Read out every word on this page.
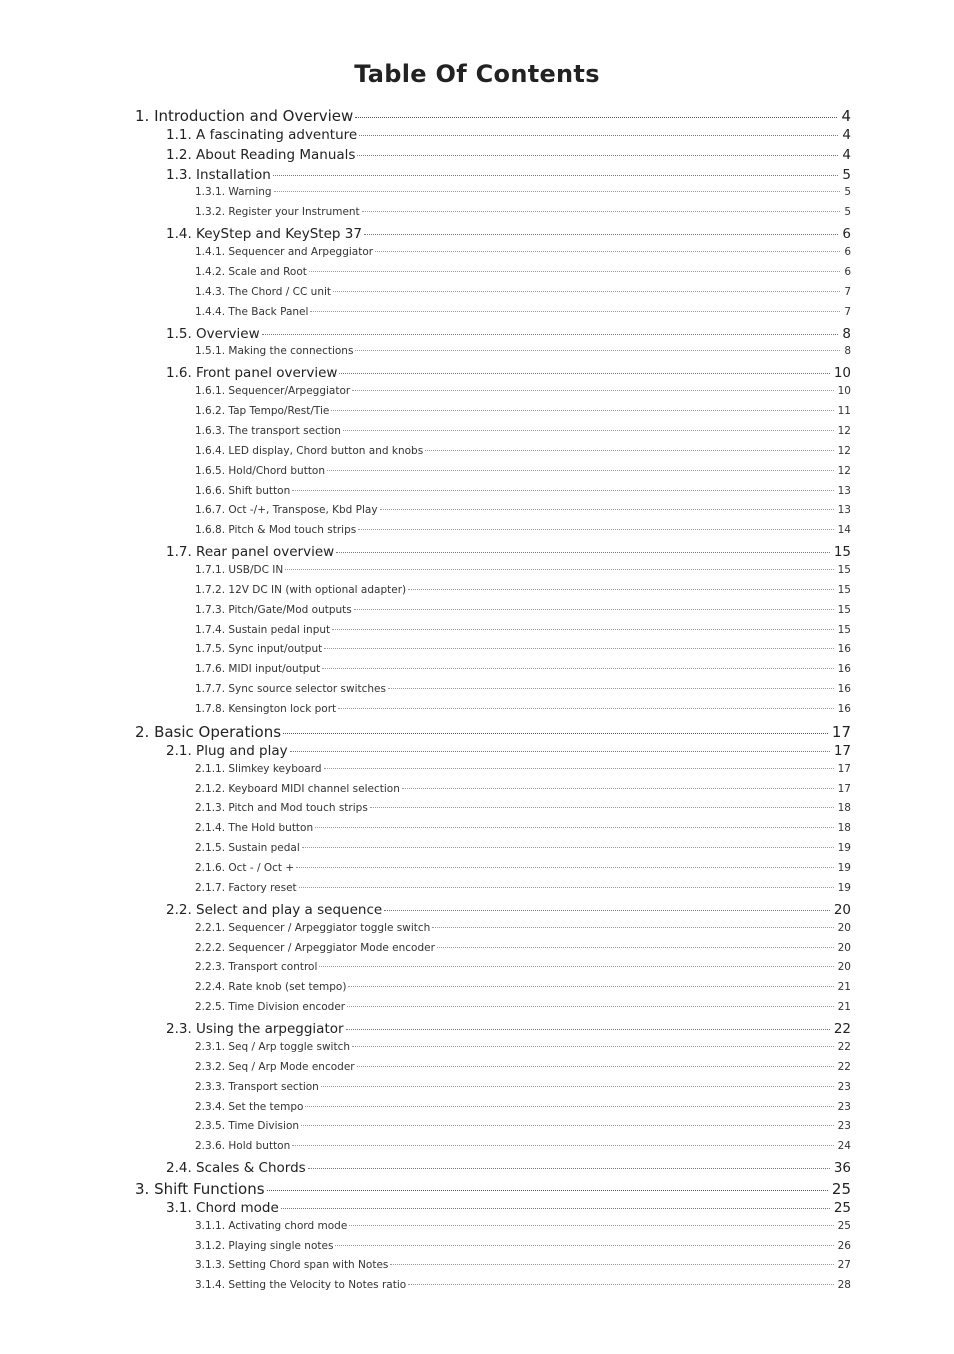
Table Of Contents
1. Introduction and Overview	4
1.1. A fascinating adventure	4
1.2. About Reading Manuals	4
1.3. Installation	5
1.3.1. Warning	5
1.3.2. Register your Instrument	5
1.4. KeyStep and KeyStep 37	6
1.4.1. Sequencer and Arpeggiator	6
1.4.2. Scale and Root	6
1.4.3. The Chord / CC unit	7
1.4.4. The Back Panel	7
1.5. Overview	8
1.5.1. Making the connections	8
1.6. Front panel overview	10
1.6.1. Sequencer/Arpeggiator	10
1.6.2. Tap Tempo/Rest/Tie	11
1.6.3. The transport section	12
1.6.4. LED display, Chord button and knobs	12
1.6.5. Hold/Chord button	12
1.6.6. Shift button	13
1.6.7. Oct -/+, Transpose, Kbd Play	13
1.6.8. Pitch & Mod touch strips	14
1.7. Rear panel overview	15
1.7.1. USB/DC IN	15
1.7.2. 12V DC IN (with optional adapter)	15
1.7.3. Pitch/Gate/Mod outputs	15
1.7.4. Sustain pedal input	15
1.7.5. Sync input/output	16
1.7.6. MIDI input/output	16
1.7.7. Sync source selector switches	16
1.7.8. Kensington lock port	16
2. Basic Operations	17
2.1. Plug and play	17
2.1.1. Slimkey keyboard	17
2.1.2. Keyboard MIDI channel selection	17
2.1.3. Pitch and Mod touch strips	18
2.1.4. The Hold button	18
2.1.5. Sustain pedal	19
2.1.6. Oct - / Oct +	19
2.1.7. Factory reset	19
2.2. Select and play a sequence	20
2.2.1. Sequencer / Arpeggiator toggle switch	20
2.2.2. Sequencer / Arpeggiator Mode encoder	20
2.2.3. Transport control	20
2.2.4. Rate knob (set tempo)	21
2.2.5. Time Division encoder	21
2.3. Using the arpeggiator	22
2.3.1. Seq / Arp toggle switch	22
2.3.2. Seq / Arp Mode encoder	22
2.3.3. Transport section	23
2.3.4. Set the tempo	23
2.3.5. Time Division	23
2.3.6. Hold button	24
2.4. Scales & Chords	36
3. Shift Functions	25
3.1. Chord mode	25
3.1.1. Activating chord mode	25
3.1.2. Playing single notes	26
3.1.3. Setting Chord span with Notes	27
3.1.4. Setting the Velocity to Notes ratio	28
